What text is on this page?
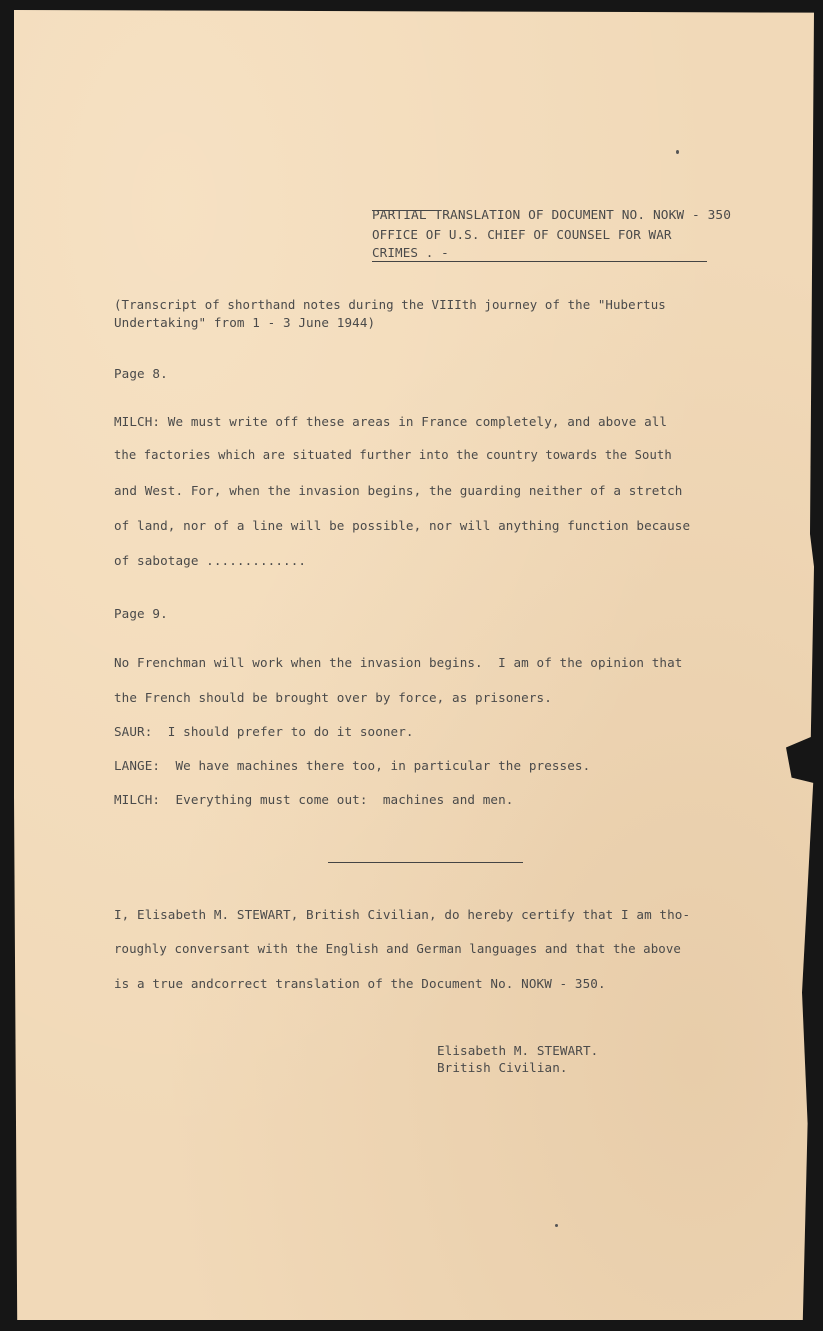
PARTIAL TRANSLATION OF DOCUMENT NO. NOKW - 350

OFFICE OF U.S. CHIEF OF COUNSEL FOR WAR

CRIMES . -

(Transcript of shorthand notes during the VIIIth journey of the "Hubertus

Undertaking" from 1 - 3 June 1944)

Page 8.

MILCH: We must write off these areas in France completely, and above all

the factories which are situated further into the country towards the South

and West. For, when the invasion begins, the guarding neither of a stretch

of land, nor of a line will be possible, nor will anything function because

of sabotage .............

Page 9.

No Frenchman will work when the invasion begins.  I am of the opinion that

the French should be brought over by force, as prisoners.

SAUR:  I should prefer to do it sooner.

LANGE:  We have machines there too, in particular the presses.

MILCH:  Everything must come out:  machines and men.

I, Elisabeth M. STEWART, British Civilian, do hereby certify that I am tho-

roughly conversant with the English and German languages and that the above

is a true andcorrect translation of the Document No. NOKW - 350.

Elisabeth M. STEWART.

British Civilian.
